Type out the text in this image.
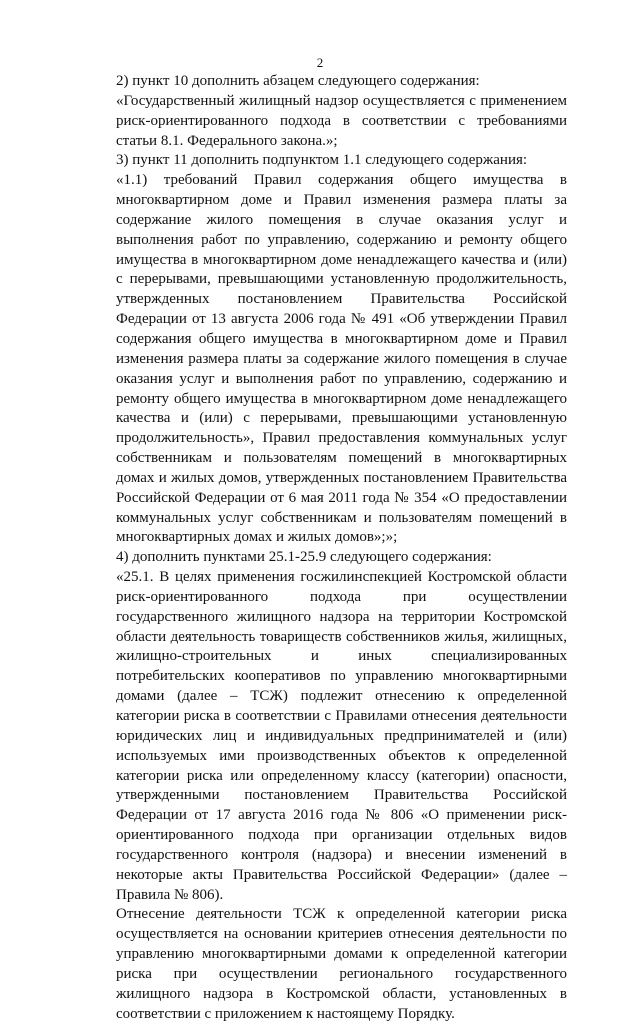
2

2) пункт 10 дополнить абзацем следующего содержания:

«Государственный жилищный надзор осуществляется с применением риск-ориентированного подхода в соответствии с требованиями статьи 8.1. Федерального закона.»;

3) пункт 11 дополнить подпунктом 1.1 следующего содержания:

«1.1) требований Правил содержания общего имущества в многоквартирном доме и Правил изменения размера платы за содержание жилого помещения в случае оказания услуг и выполнения работ по управлению, содержанию и ремонту общего имущества в многоквартирном доме ненадлежащего качества и (или) с перерывами, превышающими установленную продолжительность, утвержденных постановлением Правительства Российской Федерации от 13 августа 2006 года № 491 «Об утверждении Правил содержания общего имущества в многоквартирном доме и Правил изменения размера платы за содержание жилого помещения в случае оказания услуг и выполнения работ по управлению, содержанию и ремонту общего имущества в многоквартирном доме ненадлежащего качества и (или) с перерывами, превышающими установленную продолжительность», Правил предоставления коммунальных услуг собственникам и пользователям помещений в многоквартирных домах и жилых домов, утвержденных постановлением Правительства Российской Федерации от 6 мая 2011 года № 354 «О предоставлении коммунальных услуг собственникам и пользователям помещений в многоквартирных домах и жилых домов»;»;

4) дополнить пунктами 25.1-25.9 следующего содержания:

«25.1. В целях применения госжилинспекцией Костромской области риск-ориентированного подхода при осуществлении государственного жилищного надзора на территории Костромской области деятельность товариществ собственников жилья, жилищных, жилищно-строительных и иных специализированных потребительских кооперативов по управлению многоквартирными домами (далее – ТСЖ) подлежит отнесению к определенной категории риска в соответствии с Правилами отнесения деятельности юридических лиц и индивидуальных предпринимателей и (или) используемых ими производственных объектов к определенной категории риска или определенному классу (категории) опасности, утвержденными постановлением Правительства Российской Федерации от 17 августа 2016 года № 806 «О применении риск-ориентированного подхода при организации отдельных видов государственного контроля (надзора) и внесении изменений в некоторые акты Правительства Российской Федерации» (далее – Правила № 806).

Отнесение деятельности ТСЖ к определенной категории риска осуществляется на основании критериев отнесения деятельности по управлению многоквартирными домами к определенной категории риска при осуществлении регионального государственного жилищного надзора в Костромской области, установленных в соответствии с приложением к настоящему Порядку.
